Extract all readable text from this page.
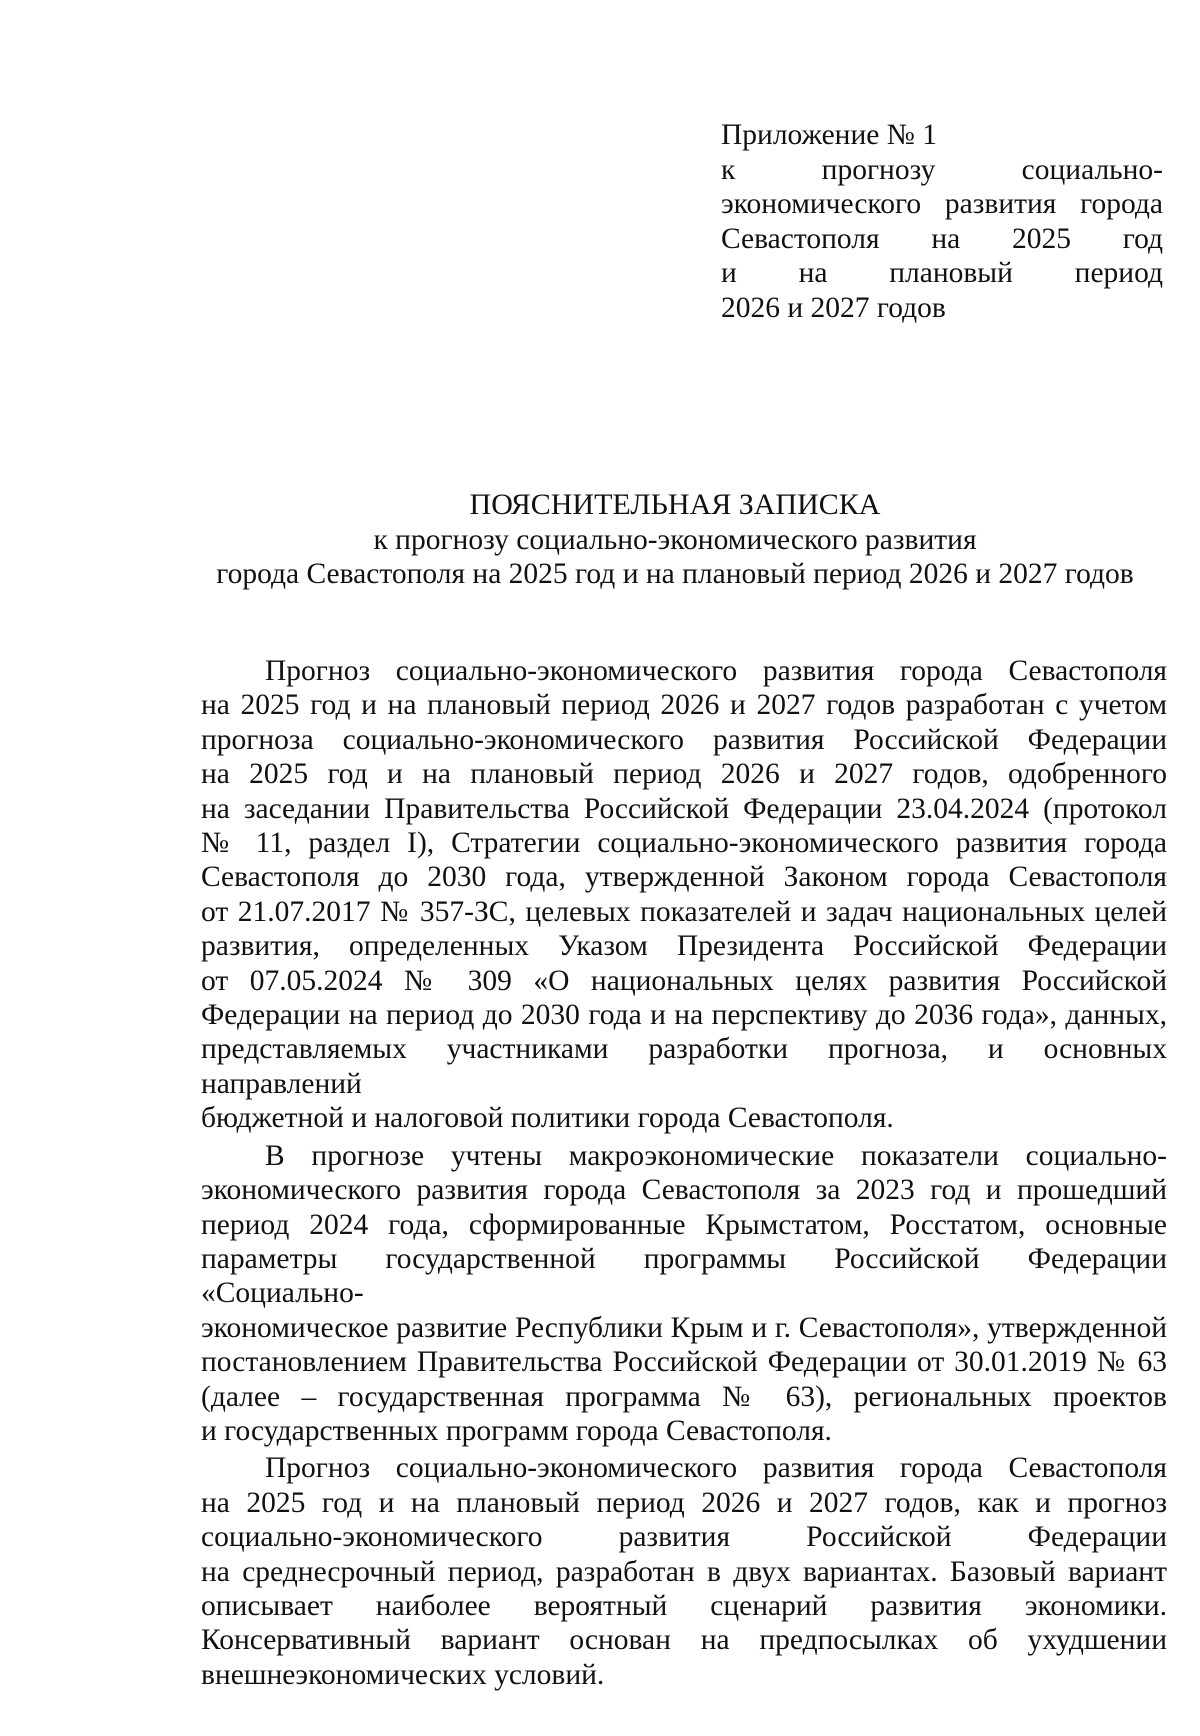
Приложение № 1
к прогнозу социально-
экономического развития города
Севастополя на 2025 год
и на плановый период
2026 и 2027 годов
ПОЯСНИТЕЛЬНАЯ ЗАПИСКА
к прогнозу социально-экономического развития
города Севастополя на 2025 год и на плановый период 2026 и 2027 годов
Прогноз социально-экономического развития города Севастополя
на 2025 год и на плановый период 2026 и 2027 годов разработан с учетом
прогноза социально-экономического развития Российской Федерации
на 2025 год и на плановый период 2026 и 2027 годов, одобренного
на заседании Правительства Российской Федерации 23.04.2024 (протокол
№ 11, раздел I), Стратегии социально-экономического развития города
Севастополя до 2030 года, утвержденной Законом города Севастополя
от 21.07.2017 № 357-ЗС, целевых показателей и задач национальных целей
развития, определенных Указом Президента Российской Федерации
от 07.05.2024 № 309 «О национальных целях развития Российской
Федерации на период до 2030 года и на перспективу до 2036 года», данных,
представляемых участниками разработки прогноза, и основных направлений
бюджетной и налоговой политики города Севастополя.
В прогнозе учтены макроэкономические показатели социально-
экономического развития города Севастополя за 2023 год и прошедший
период 2024 года, сформированные Крымстатом, Росстатом, основные
параметры государственной программы Российской Федерации «Социально-
экономическое развитие Республики Крым и г. Севастополя», утвержденной
постановлением Правительства Российской Федерации от 30.01.2019 № 63
(далее – государственная программа № 63), региональных проектов
и государственных программ города Севастополя.
Прогноз социально-экономического развития города Севастополя
на 2025 год и на плановый период 2026 и 2027 годов, как и прогноз
социально-экономического развития Российской Федерации
на среднесрочный период, разработан в двух вариантах. Базовый вариант
описывает наиболее вероятный сценарий развития экономики.
Консервативный вариант основан на предпосылках об ухудшении
внешнеэкономических условий.
